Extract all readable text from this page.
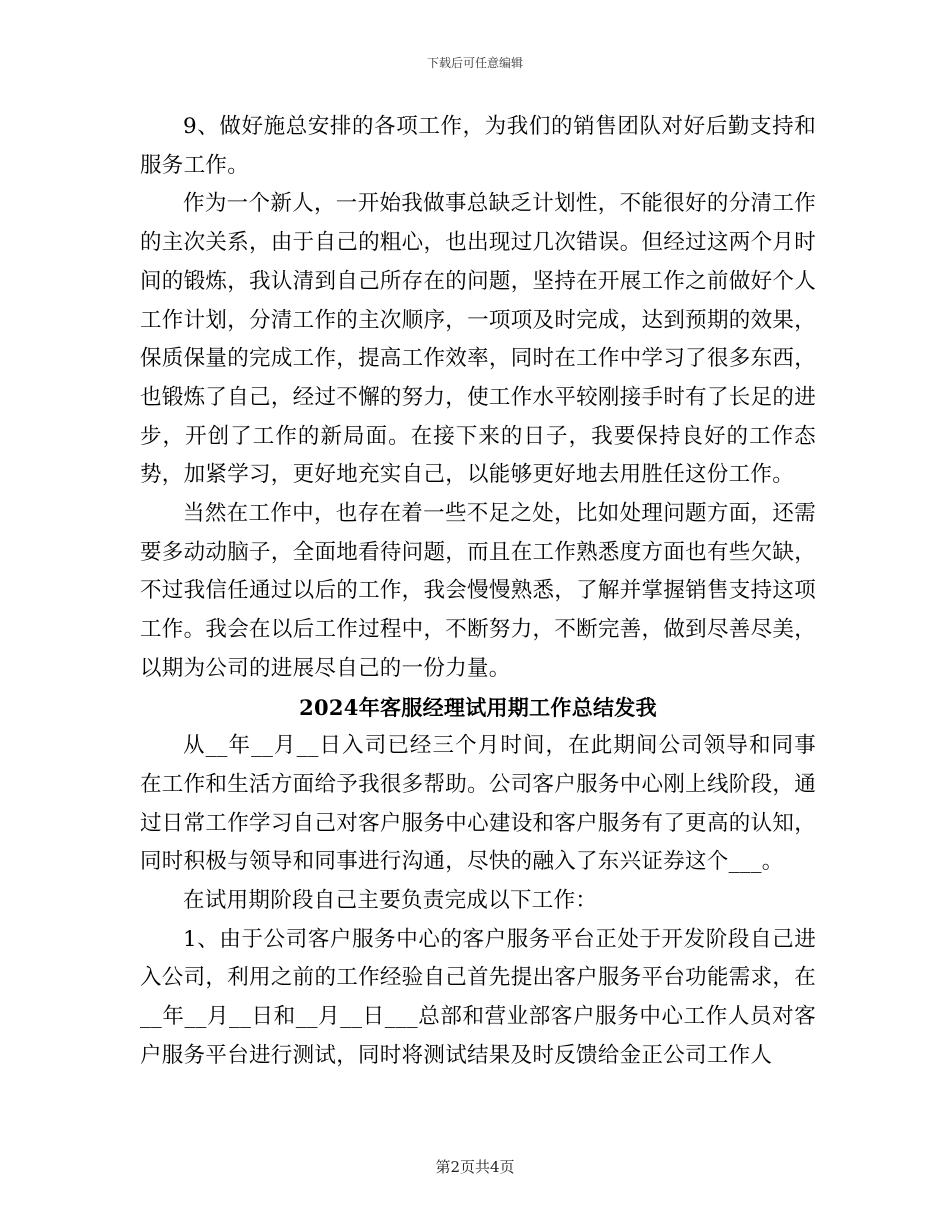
下载后可任意编辑

9、做好施总安排的各项工作，为我们的销售团队对好后勤支持和服务工作。

作为一个新人，一开始我做事总缺乏计划性，不能很好的分清工作的主次关系，由于自己的粗心，也出现过几次错误。但经过这两个月时间的锻炼，我认清到自己所存在的问题，坚持在开展工作之前做好个人工作计划，分清工作的主次顺序，一项项及时完成，达到预期的效果，保质保量的完成工作，提高工作效率，同时在工作中学习了很多东西，也锻炼了自己，经过不懈的努力，使工作水平较刚接手时有了长足的进步，开创了工作的新局面。在接下来的日子，我要保持良好的工作态势，加紧学习，更好地充实自己，以能够更好地去用胜任这份工作。

当然在工作中，也存在着一些不足之处，比如处理问题方面，还需要多动动脑子，全面地看待问题，而且在工作熟悉度方面也有些欠缺，不过我信任通过以后的工作，我会慢慢熟悉，了解并掌握销售支持这项工作。我会在以后工作过程中，不断努力，不断完善，做到尽善尽美，以期为公司的进展尽自己的一份力量。

2024年客服经理试用期工作总结发我

从__年__月__日入司已经三个月时间，在此期间公司领导和同事在工作和生活方面给予我很多帮助。公司客户服务中心刚上线阶段，通过日常工作学习自己对客户服务中心建设和客户服务有了更高的认知，同时积极与领导和同事进行沟通，尽快的融入了东兴证券这个___。

在试用期阶段自己主要负责完成以下工作：

1、由于公司客户服务中心的客户服务平台正处于开发阶段自己进入公司，利用之前的工作经验自己首先提出客户服务平台功能需求，在__年__月__日和__月__日___总部和营业部客户服务中心工作人员对客户服务平台进行测试，同时将测试结果及时反馈给金正公司工作人

第2页共4页
